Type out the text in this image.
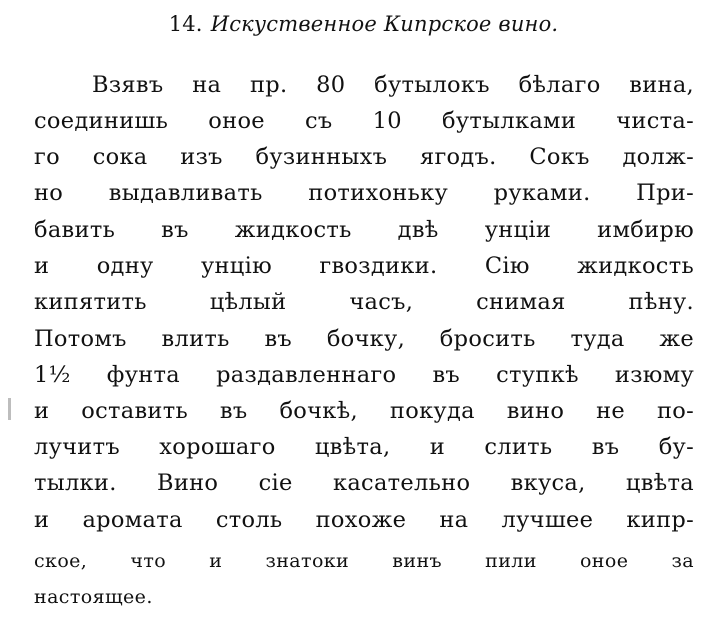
14. Искуственное Кипрское вино.
Взявъ на пр. 80 бутылокъ бѣлаго вина,
соединишь оное съ 10 бутылками чиста-
го сока изъ бузинныхъ ягодъ. Сокъ долж-
но выдавливать потихоньку руками. При-
бавить въ жидкость двѣ унціи имбирю
и одну унцію гвоздики. Сію жидкость
кипятить цѣлый часъ, снимая пѣну.
Потомъ влить въ бочку, бросить туда же
1½ фунта раздавленнаго въ ступкѣ изюму
и оставить въ бочкѣ, покуда вино не по-
лучитъ хорошаго цвѣта, и слить въ бу-
тылки. Вино сіе касательно вкуса, цвѣта
и аромата столь похоже на лучшее кипр-
ское, что и знатоки винъ пили оное за
настоящее.
